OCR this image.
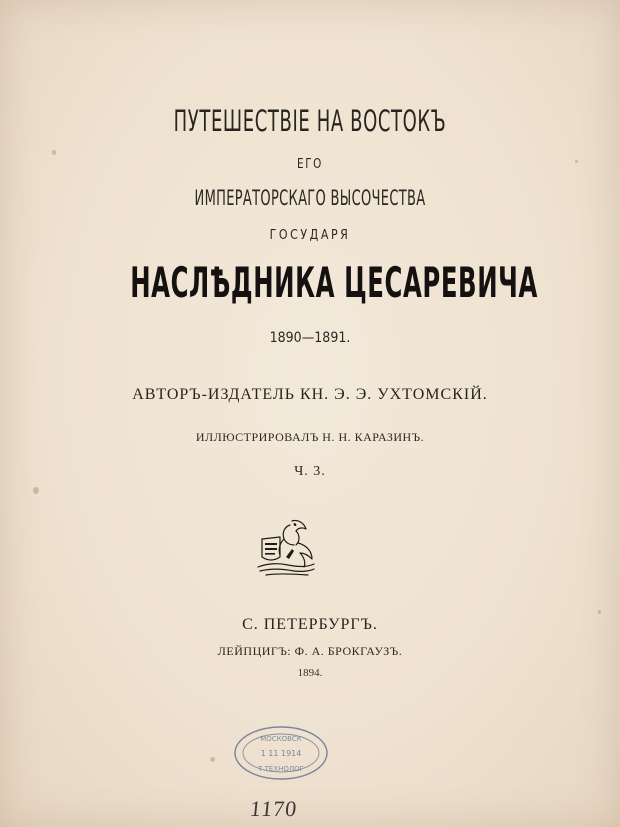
ПУТЕШЕСТВІЕ НА ВОСТОКЪ
ЕГО
ИМПЕРАТОРСКАГО ВЫСОЧЕСТВА
ГОСУДАРЯ
НАСЛѢДНИКА ЦЕСАРЕВИЧА
1890—1891.
АВТОРЪ-ИЗДАТЕЛЬ КН. Э. Э. УХТОМСКІЙ.
ИЛЛЮСТРИРОВАЛЪ Н. Н. КАРАЗИНЪ.
Ч. 3.
С. ПЕТЕРБУРГЪ.
ЛЕЙПЦИГЪ: Ф. А. БРОКГАУЗЪ.
1894.
МОСКОВСК
1 11 1914
Т ТЕХНОЛОГ
1170
